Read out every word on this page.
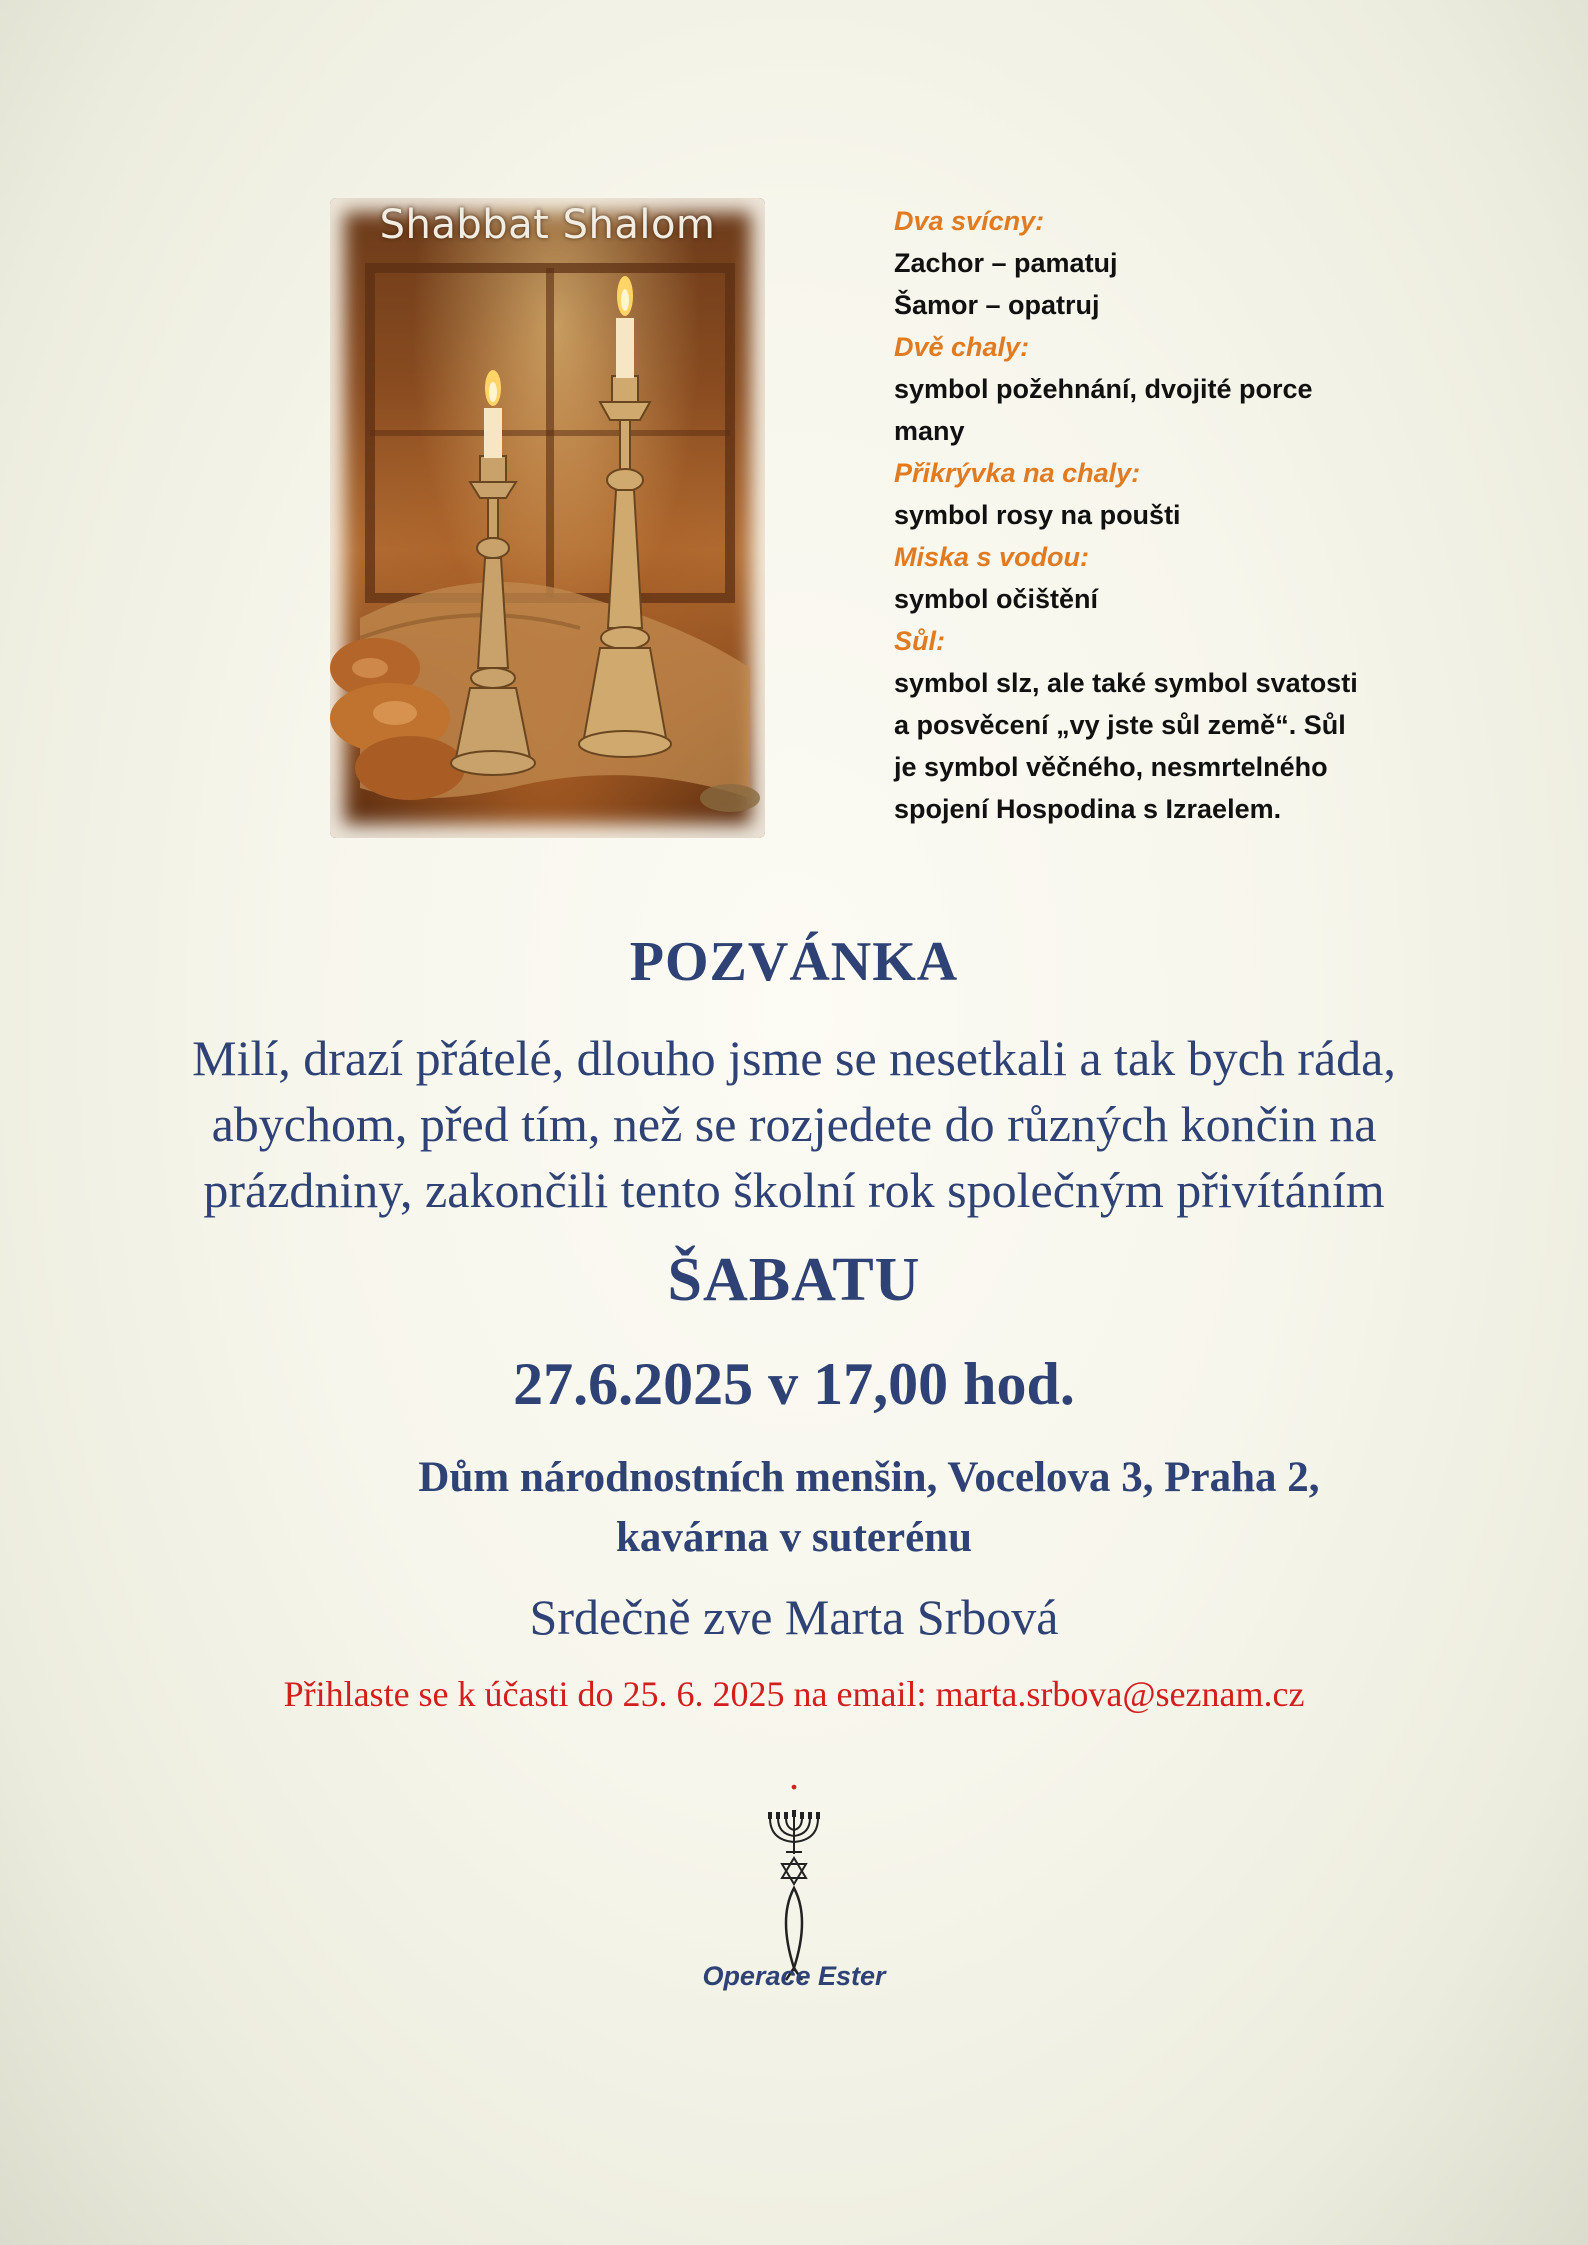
Shabbat Shalom	Dva svícny:
Zachor – pamatuj
Šamor – opatruj
Dvě chaly:
symbol požehnání, dvojité porce
many
Přikrývka na chaly:
symbol rosy na poušti
Miska s vodou:
symbol očištění
Sůl:
symbol slz, ale také symbol svatosti
a posvěcení „vy jste sůl země“. Sůl
je symbol věčného, nesmrtelného
spojení Hospodina s Izraelem.
POZVÁNKA
Milí, drazí přátelé, dlouho jsme se nesetkali a tak bych ráda,
abychom, před tím, než se rozjedete do různých končin na
prázdniny, zakončili tento školní rok společným přivítáním
ŠABATU
27.6.2025 v 17,00 hod.
Dům národnostních menšin, Vocelova 3, Praha 2,
kavárna v suterénu
Srdečně zve Marta Srbová
Přihlaste se k účasti do 25. 6. 2025 na email: marta.srbova@seznam.cz
.
Operace Ester
